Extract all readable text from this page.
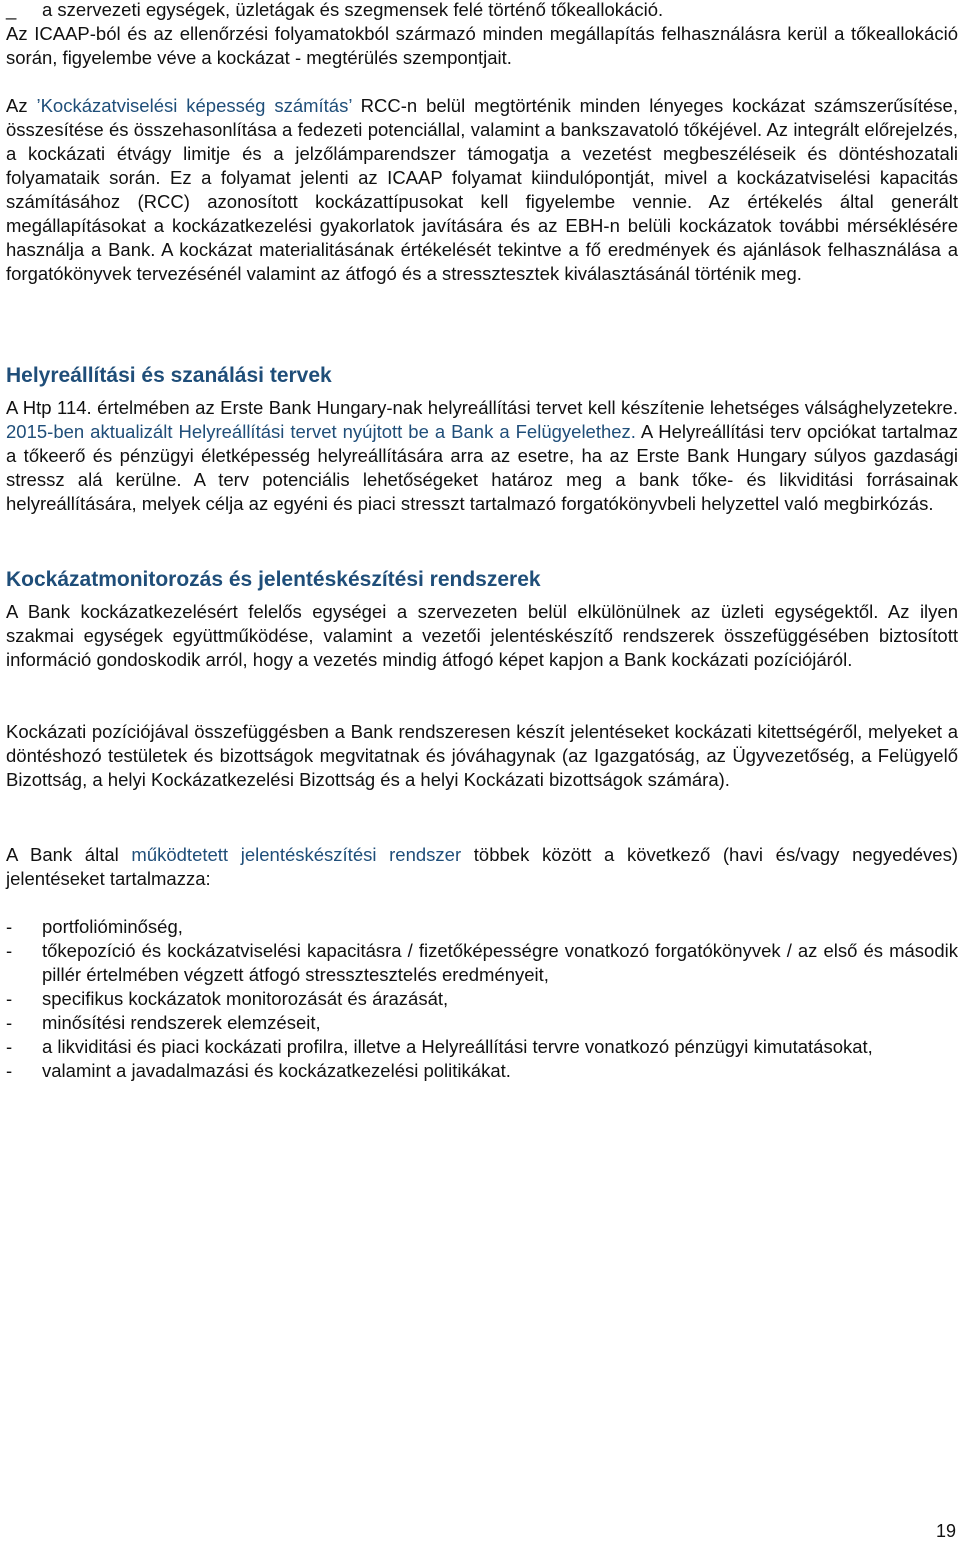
_ a szervezeti egységek, üzletágak és szegmensek felé történő tőkeallokáció.

Az ICAAP-ból és az ellenőrzési folyamatokból származó minden megállapítás felhasználásra kerül a tőkeallokáció során, figyelembe véve a kockázat - megtérülés szempontjait.

Az ’Kockázatviselési képesség számítás’ RCC-n belül megtörténik minden lényeges kockázat számszerűsítése, összesítése és összehasonlítása a fedezeti potenciállal, valamint a bankszavatoló tőkéjével. Az integrált előrejelzés, a kockázati étvágy limitje és a jelzőlámparendszer támogatja a vezetést megbeszéléseik és döntéshozatali folyamataik során. Ez a folyamat jelenti az ICAAP folyamat kiindulópontját, mivel a kockázatviselési kapacitás számításához (RCC) azonosított kockázattípusokat kell figyelembe vennie. Az értékelés által generált megállapításokat a kockázatkezelési gyakorlatok javítására és az EBH-n belüli kockázatok további mérséklésére használja a Bank. A kockázat materialitásának értékelését tekintve a fő eredmények és ajánlások felhasználása a forgatókönyvek tervezésénél valamint az átfogó és a stressztesztek kiválasztásánál történik meg.

Helyreállítási és szanálási tervek

A Htp 114. értelmében az Erste Bank Hungary-nak helyreállítási tervet kell készítenie lehetséges válsághelyzetekre. 2015-ben aktualizált Helyreállítási tervet nyújtott be a Bank a Felügyelethez. A Helyreállítási terv opciókat tartalmaz a tőkeerő és pénzügyi életképesség helyreállítására arra az esetre, ha az Erste Bank Hungary súlyos gazdasági stressz alá kerülne. A terv potenciális lehetőségeket határoz meg a bank tőke- és likviditási forrásainak helyreállítására, melyek célja az egyéni és piaci stresszt tartalmazó forgatókönyvbeli helyzettel való megbirkózás.

Kockázatmonitorozás és jelentéskészítési rendszerek

A Bank kockázatkezelésért felelős egységei a szervezeten belül elkülönülnek az üzleti egységektől. Az ilyen szakmai egységek együttműködése, valamint a vezetői jelentéskészítő rendszerek összefüggésében biztosított információ gondoskodik arról, hogy a vezetés mindig átfogó képet kapjon a Bank kockázati pozíciójáról.

Kockázati pozíciójával összefüggésben a Bank rendszeresen készít jelentéseket kockázati kitettségéről, melyeket a döntéshozó testületek és bizottságok megvitatnak és jóváhagynak (az Igazgatóság, az Ügyvezetőség, a Felügyelő Bizottság, a helyi Kockázatkezelési Bizottság és a helyi Kockázati bizottságok számára).

A Bank által működtetett jelentéskészítési rendszer többek között a következő (havi és/vagy negyedéves) jelentéseket tartalmazza:

- portfolióminőség,
- tőkepozíció és kockázatviselési kapacitásra / fizetőképességre vonatkozó forgatókönyvek / az első és második pillér értelmében végzett átfogó stressztesztelés eredményeit,
- specifikus kockázatok monitorozását és árazását,
- minősítési rendszerek elemzéseit,
- a likviditási és piaci kockázati profilra, illetve a Helyreállítási tervre vonatkozó pénzügyi kimutatásokat,
- valamint a javadalmazási és kockázatkezelési politikákat.
19
